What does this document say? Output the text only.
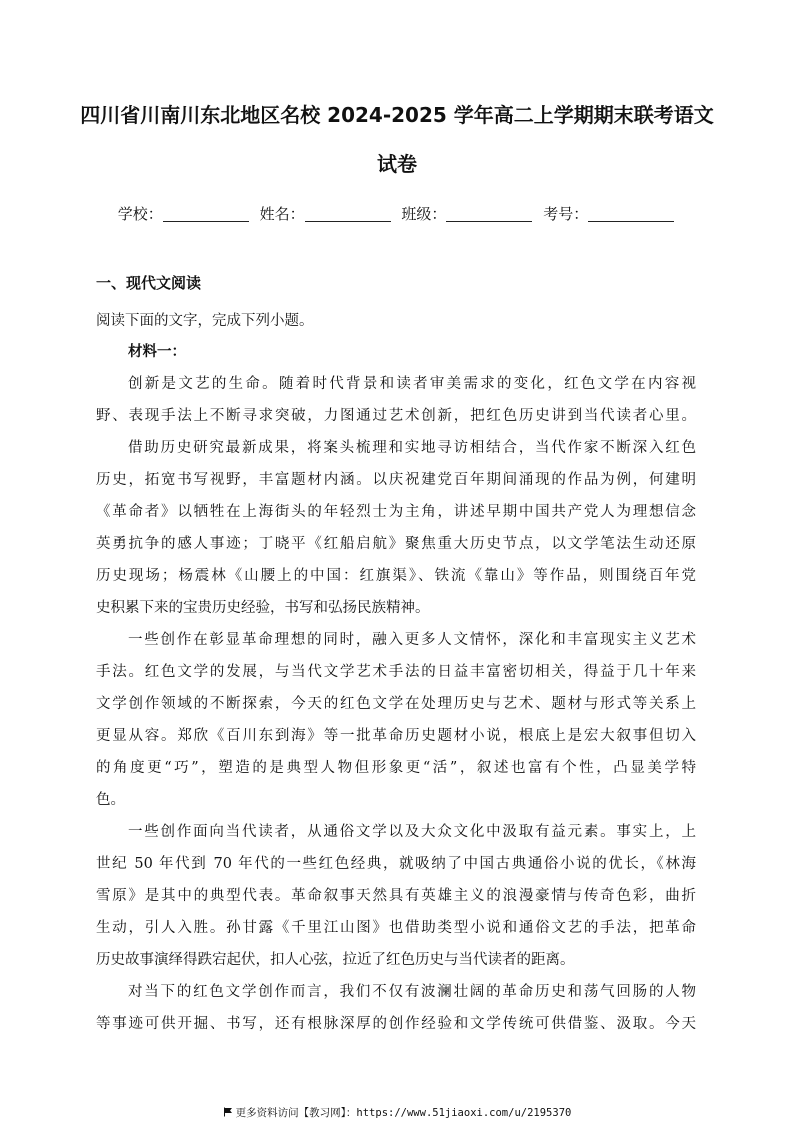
四川省川南川东北地区名校 2024-2025 学年高二上学期期末联考语文
试卷
学校：	姓名：	班级：	考号：
一、现代文阅读
阅读下面的文字，完成下列小题。
材料一：
创新是文艺的生命。随着时代背景和读者审美需求的变化，红色文学在内容视
野、表现手法上不断寻求突破，力图通过艺术创新，把红色历史讲到当代读者心里。
借助历史研究最新成果，将案头梳理和实地寻访相结合，当代作家不断深入红色
历史，拓宽书写视野，丰富题材内涵。以庆祝建党百年期间涌现的作品为例，何建明
《革命者》以牺牲在上海街头的年轻烈士为主角，讲述早期中国共产党人为理想信念
英勇抗争的感人事迹；丁晓平《红船启航》聚焦重大历史节点，以文学笔法生动还原
历史现场；杨震林《山腰上的中国：红旗渠》、铁流《靠山》等作品，则围绕百年党
史积累下来的宝贵历史经验，书写和弘扬民族精神。
一些创作在彰显革命理想的同时，融入更多人文情怀，深化和丰富现实主义艺术
手法。红色文学的发展，与当代文学艺术手法的日益丰富密切相关，得益于几十年来
文学创作领域的不断探索，今天的红色文学在处理历史与艺术、题材与形式等关系上
更显从容。郑欣《百川东到海》等一批革命历史题材小说，根底上是宏大叙事但切入
的角度更“巧”，塑造的是典型人物但形象更“活”，叙述也富有个性，凸显美学特
色。
一些创作面向当代读者，从通俗文学以及大众文化中汲取有益元素。事实上，上
世纪 50 年代到 70 年代的一些红色经典，就吸纳了中国古典通俗小说的优长，《林海
雪原》是其中的典型代表。革命叙事天然具有英雄主义的浪漫豪情与传奇色彩，曲折
生动，引人入胜。孙甘露《千里江山图》也借助类型小说和通俗文艺的手法，把革命
历史故事演绎得跌宕起伏，扣人心弦，拉近了红色历史与当代读者的距离。
对当下的红色文学创作而言，我们不仅有波澜壮阔的革命历史和荡气回肠的人物
等事迹可供开掘、书写，还有根脉深厚的创作经验和文学传统可供借鉴、汲取。今天
更多资料访问【教习网】：https://www.51jiaoxi.com/u/2195370
